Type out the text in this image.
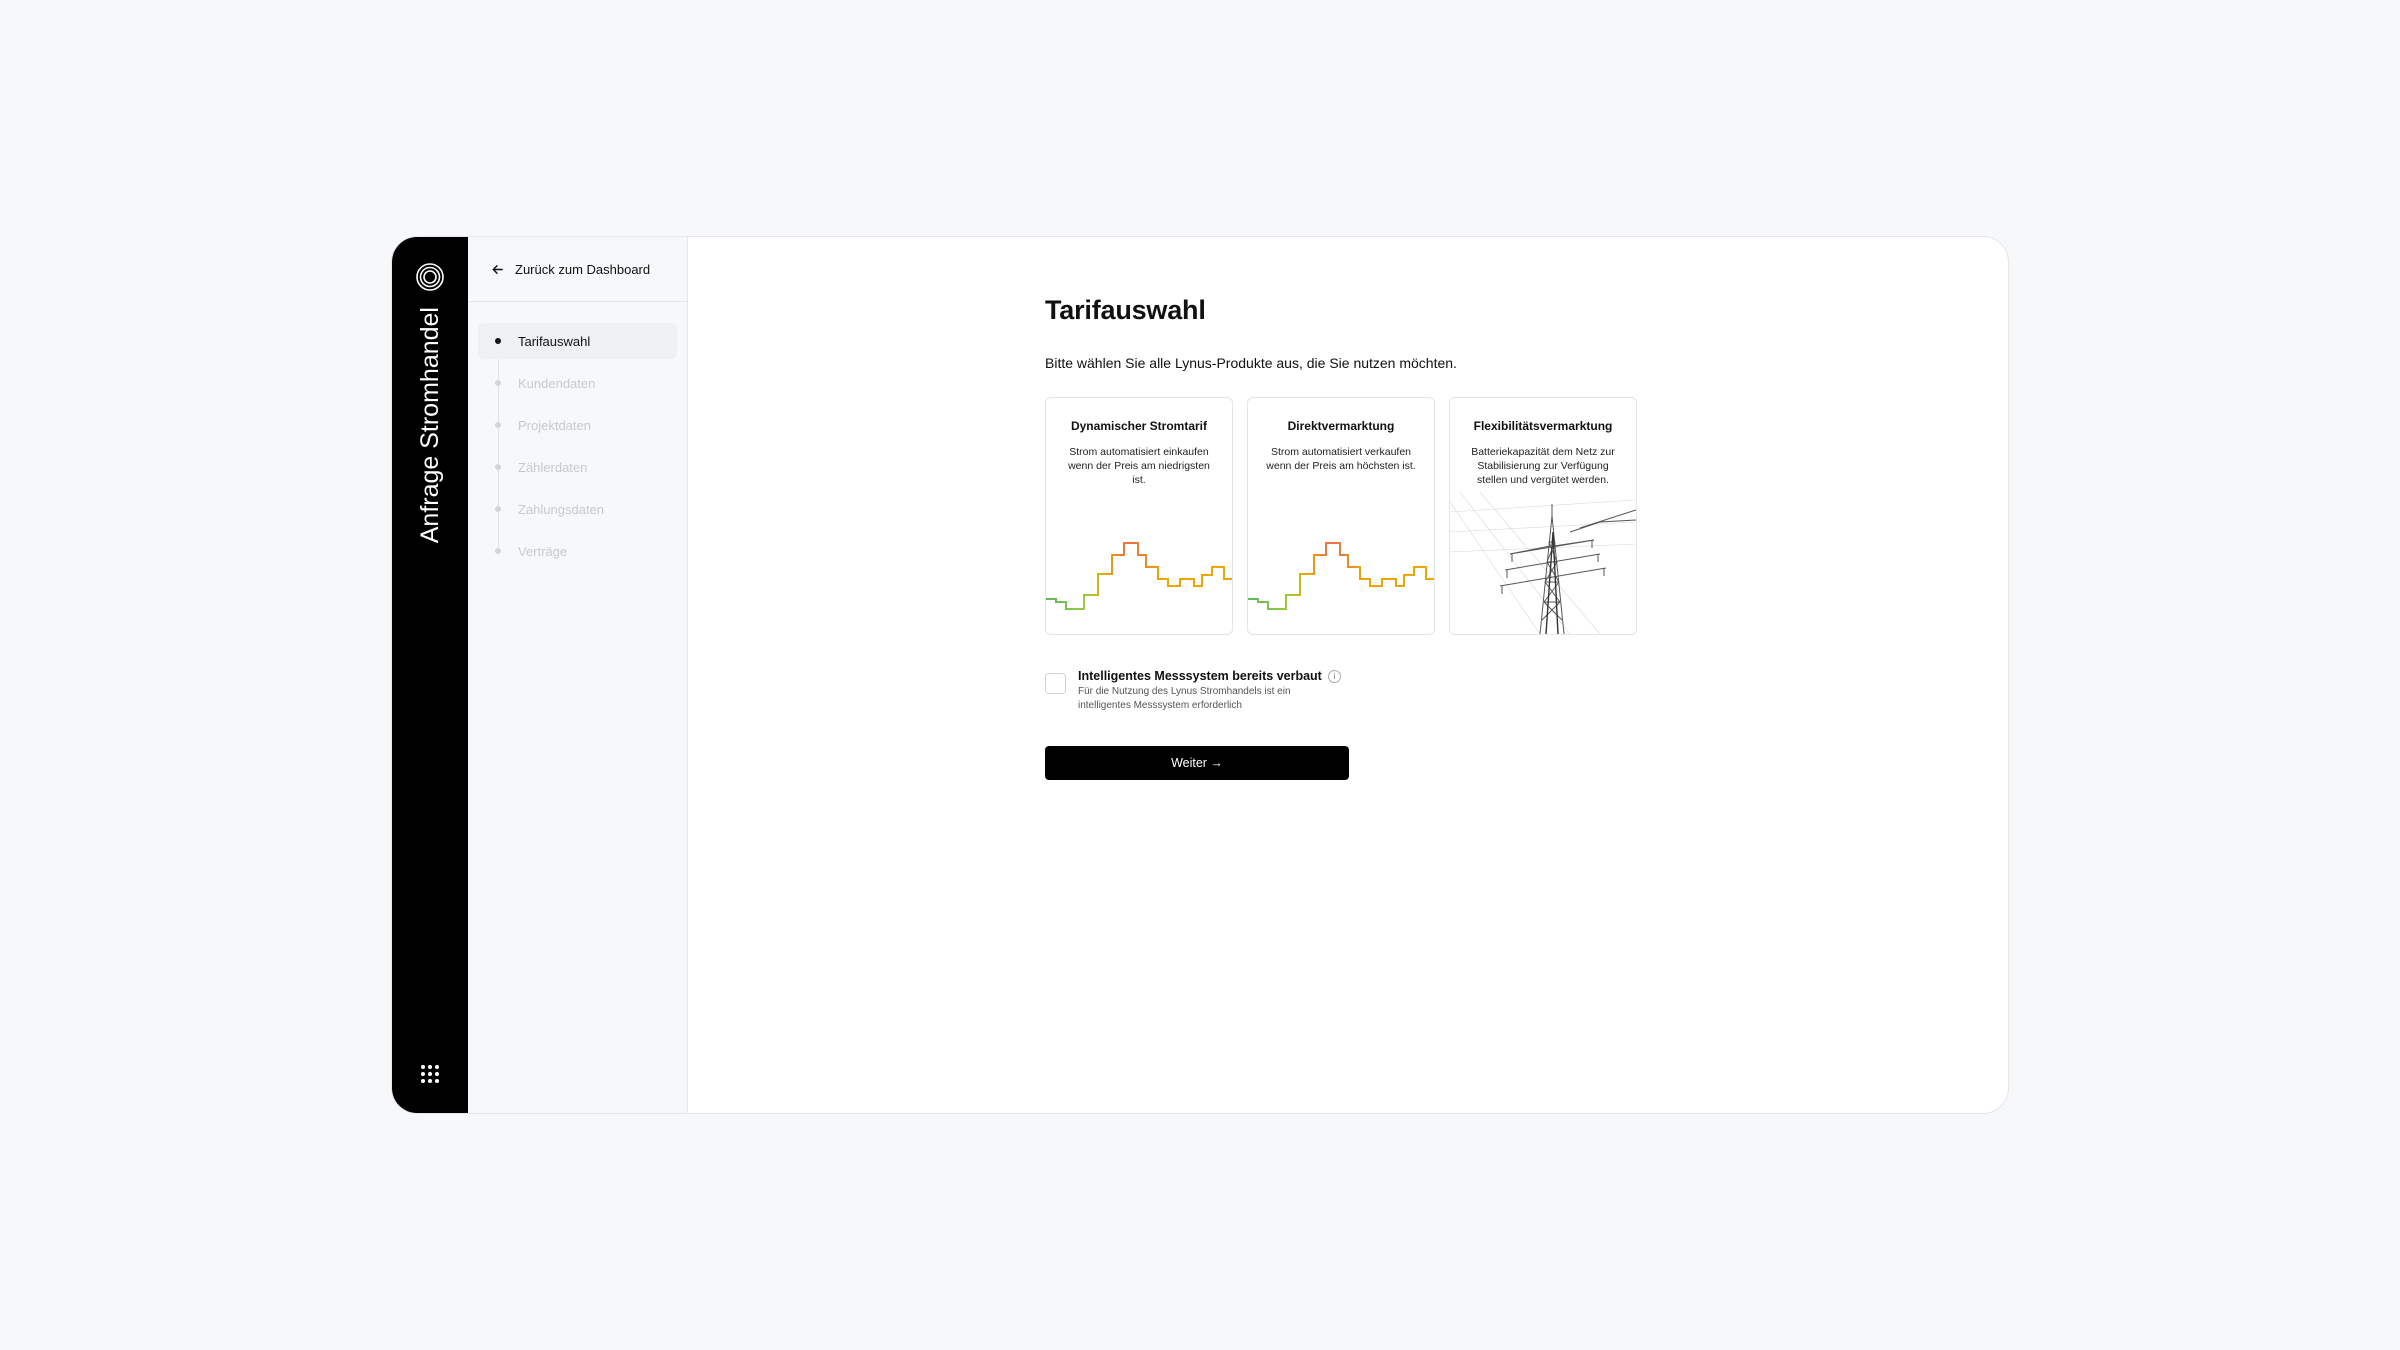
Anfrage Stromhandel
Zurück zum Dashboard
Tarifauswahl
Kundendaten
Projektdaten
Zählerdaten
Zahlungsdaten
Verträge
Tarifauswahl
Bitte wählen Sie alle Lynus-Produkte aus, die Sie nutzen möchten.
Dynamischer Stromtarif
Strom automatisiert einkaufen wenn der Preis am niedrigsten ist.
Direktvermarktung
Strom automatisiert verkaufen wenn der Preis am höchsten ist.
Flexibilitätsvermarktung
Batteriekapazität dem Netz zur Stabilisierung zur Verfügung stellen und vergütet werden.
Intelligentes Messsystem bereits verbaut	i
Für die Nutzung des Lynus Stromhandels ist ein intelligentes Messsystem erforderlich
Weiter →
